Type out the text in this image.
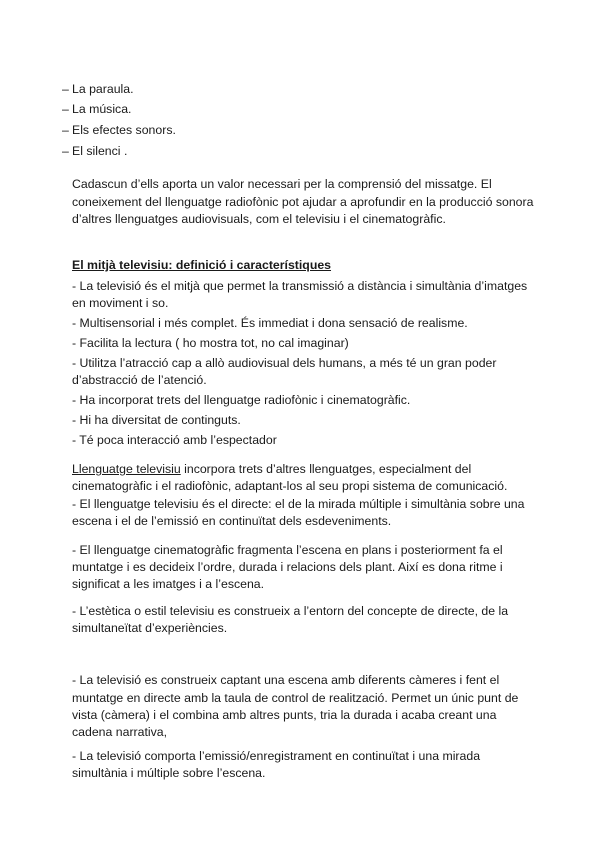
– La paraula.
– La música.
– Els efectes sonors.
– El silenci .
Cadascun d’ells aporta un valor necessari per la comprensió del missatge. El
coneixement del llenguatge radiofònic pot ajudar a aprofundir en la producció sonora
d’altres llenguatges audiovisuals, com el televisiu i el cinematogràfic.
El mitjà televisiu: definició i característiques
- La televisió és el mitjà que permet la transmissió a distància i simultània d’imatges
en moviment i so.
- Multisensorial i més complet. És immediat i dona sensació de realisme.
- Facilita la lectura ( ho mostra tot, no cal imaginar)
- Utilitza l’atracció cap a allò audiovisual dels humans, a més té un gran poder
d’abstracció de l’atenció.
- Ha incorporat trets del llenguatge radiofònic i cinematogràfic.
- Hi ha diversitat de continguts.
- Té poca interacció amb l’espectador
Llenguatge televisiu incorpora trets d’altres llenguatges, especialment del
cinematogràfic i el radiofònic, adaptant-los al seu propi sistema de comunicació.
- El llenguatge televisiu és el directe: el de la mirada múltiple i simultània sobre una
escena i el de l’emissió en continuïtat dels esdeveniments.
- El llenguatge cinematogràfic fragmenta l’escena en plans i posteriorment fa el
muntatge i es decideix l’ordre, durada i relacions dels plant. Així es dona ritme i
significat a les imatges i a l’escena.
- L’estètica o estil televisiu es construeix a l’entorn del concepte de directe, de la
simultaneïtat d’experiències.
- La televisió es construeix captant una escena amb diferents càmeres i fent el
muntatge en directe amb la taula de control de realització. Permet un únic punt de
vista (càmera) i el combina amb altres punts, tria la durada i acaba creant una
cadena narrativa,
- La televisió comporta l’emissió/enregistrament en continuïtat i una mirada
simultània i múltiple sobre l’escena.
